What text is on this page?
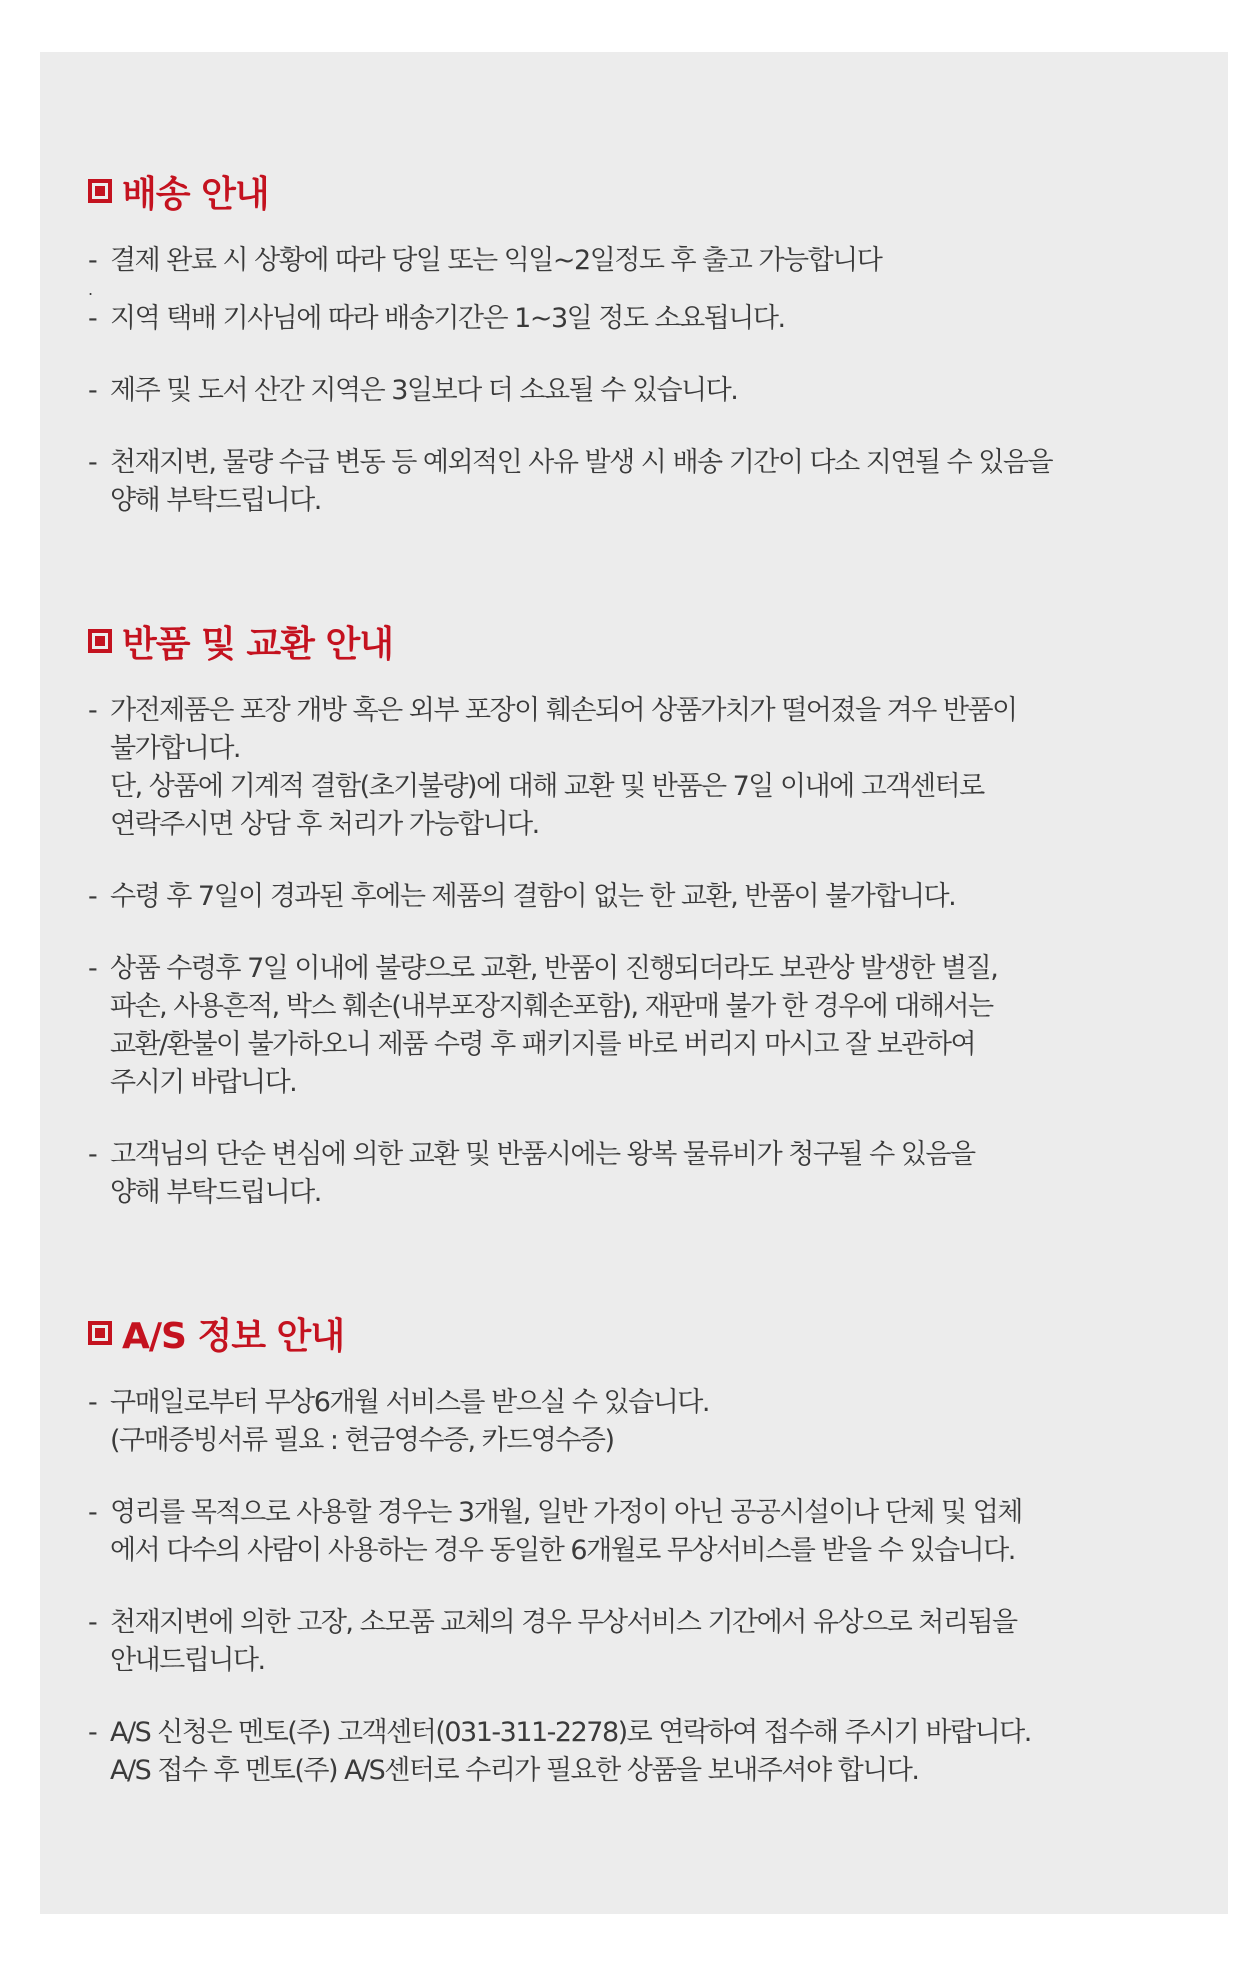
배송 안내
- 결제 완료 시 상황에 따라 당일 또는 익일~2일정도 후 출고 가능합니다
.
- 지역 택배 기사님에 따라 배송기간은 1~3일 정도 소요됩니다.
- 제주 및 도서 산간 지역은 3일보다 더 소요될 수 있습니다.
- 천재지변, 물량 수급 변동 등 예외적인 사유 발생 시 배송 기간이 다소 지연될 수 있음을
양해 부탁드립니다.
반품 및 교환 안내
- 가전제품은 포장 개방 혹은 외부 포장이 훼손되어 상품가치가 떨어졌을 겨우 반품이
불가합니다.
단, 상품에 기계적 결함(초기불량)에 대해 교환 및 반품은 7일 이내에 고객센터로
연락주시면 상담 후 처리가 가능합니다.
- 수령 후 7일이 경과된 후에는 제품의 결함이 없는 한 교환, 반품이 불가합니다.
- 상품 수령후 7일 이내에 불량으로 교환, 반품이 진행되더라도 보관상 발생한 별질,
파손, 사용흔적, 박스 훼손(내부포장지훼손포함), 재판매 불가 한 경우에 대해서는
교환/환불이 불가하오니 제품 수령 후 패키지를 바로 버리지 마시고 잘 보관하여
주시기 바랍니다.
- 고객님의 단순 변심에 의한 교환 및 반품시에는 왕복 물류비가 청구될 수 있음을
양해 부탁드립니다.
A/S 정보 안내
- 구매일로부터 무상6개월 서비스를 받으실 수 있습니다.
(구매증빙서류 필요 : 현금영수증, 카드영수증)
- 영리를 목적으로 사용할 경우는 3개월, 일반 가정이 아닌 공공시설이나 단체 및 업체
에서 다수의 사람이 사용하는 경우 동일한 6개월로 무상서비스를 받을 수 있습니다.
- 천재지변에 의한 고장, 소모품 교체의 경우 무상서비스 기간에서 유상으로 처리됨을
안내드립니다.
- A/S 신청은 멘토(주) 고객센터(031-311-2278)로 연락하여 접수해 주시기 바랍니다.
A/S 접수 후 멘토(주) A/S센터로 수리가 필요한 상품을 보내주셔야 합니다.
